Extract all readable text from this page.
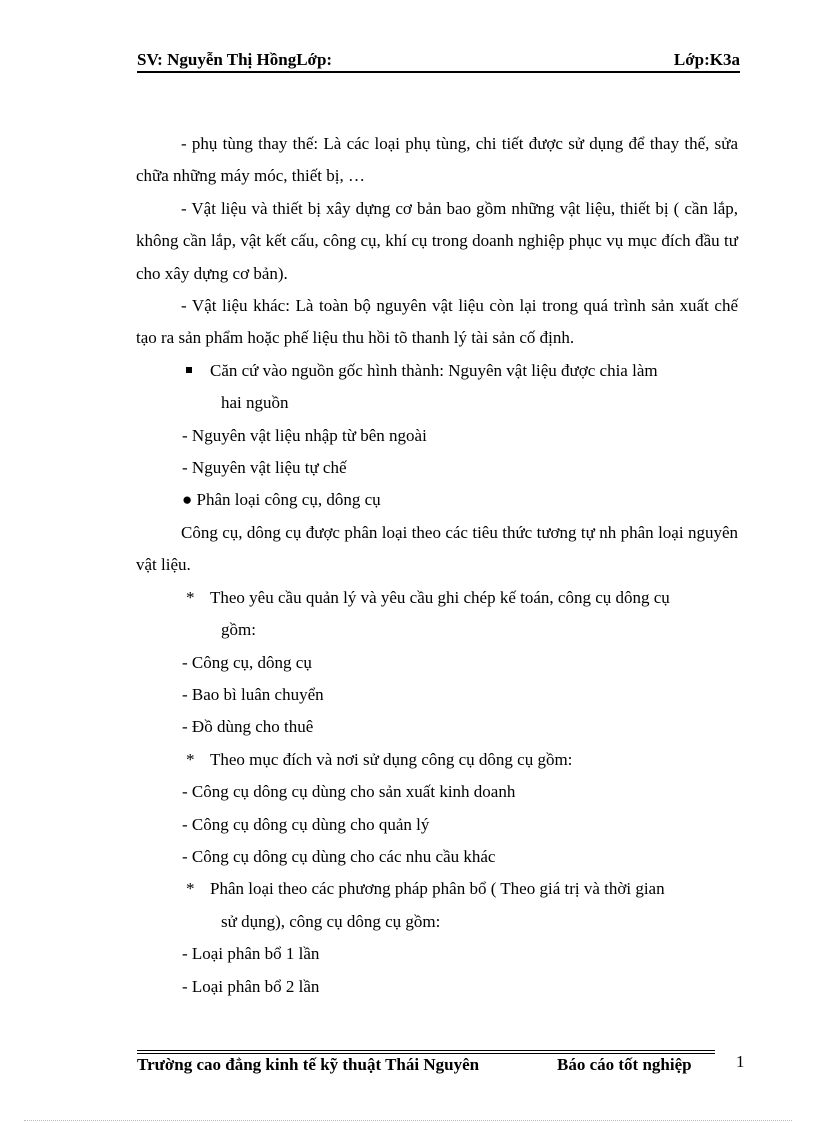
SV: Nguyễn Thị HồngLớp:	Lớp:K3a

- phụ tùng thay thế: Là các loại phụ tùng, chi tiết được sử dụng để thay thế, sửa chữa những máy móc, thiết bị, …

- Vật liệu và thiết bị xây dựng cơ bản bao gồm những vật liệu, thiết bị ( cần lắp, không cần lắp, vật kết cấu, công cụ, khí cụ trong doanh nghiệp phục vụ mục đích đầu tư cho xây dựng cơ bản).

- Vật liệu khác: Là toàn bộ nguyên vật liệu còn lại trong quá trình sản xuất chế tạo ra sản phẩm hoặc phế liệu thu hồi tõ thanh lý tài sản cố định.

Căn cứ vào nguồn gốc hình thành: Nguyên vật liệu được chia làm
hai nguồn

- Nguyên vật liệu nhập từ bên ngoài

- Nguyên vật liệu tự chế

● Phân loại công cụ, dông cụ

Công cụ, dông cụ được phân loại theo các tiêu thức tương tự nh phân loại nguyên vật liệu.

* Theo yêu cầu quản lý và yêu cầu ghi chép kế toán, công cụ dông cụ
gồm:

- Công cụ, dông cụ

- Bao bì luân chuyển

- Đồ dùng cho thuê

* Theo mục đích và nơi sử dụng công cụ dông cụ gồm:

- Công cụ dông cụ dùng cho sản xuất kinh doanh

- Công cụ dông cụ dùng cho quản lý

- Công cụ dông cụ dùng cho các nhu cầu khác

* Phân loại theo các phương pháp phân bổ ( Theo giá trị và thời gian
sử dụng), công cụ dông cụ gồm:

- Loại phân bổ 1 lần

- Loại phân bổ 2 lần

Trường cao đẳng kinh tế kỹ thuật Thái Nguyên	Báo cáo tốt nghiệp	1
